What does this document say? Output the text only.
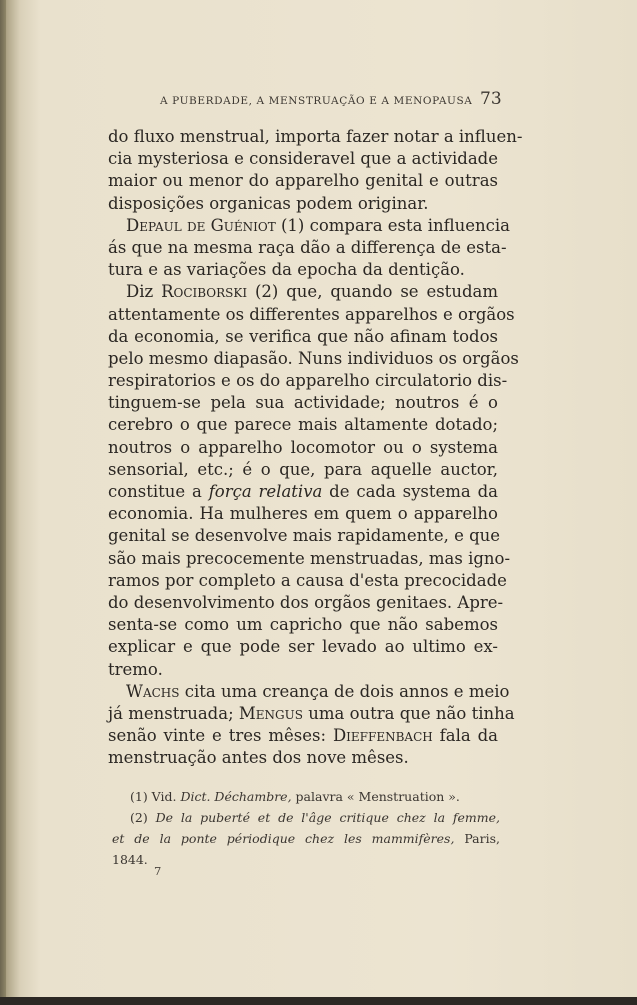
A PUBERDADE, A MENSTRUAÇÃO E A MENOPAUSA 73
do fluxo menstrual, importa fazer notar a influen-
cia mysteriosa e consideravel que a actividade
maior ou menor do apparelho genital e outras
disposições organicas podem originar.
Depaul de Guéniot (1) compara esta influencia
ás que na mesma raça dão a differença de esta-
tura e as variações da epocha da dentição.
Diz Rociborski (2) que, quando se estudam
attentamente os differentes apparelhos e orgãos
da economia, se verifica que não afinam todos
pelo mesmo diapasão. Nuns individuos os orgãos
respiratorios e os do apparelho circulatorio dis-
tinguem-se pela sua actividade; noutros é o
cerebro o que parece mais altamente dotado;
noutros o apparelho locomotor ou o systema
sensorial, etc.; é o que, para aquelle auctor,
constitue a força relativa de cada systema da
economia. Ha mulheres em quem o apparelho
genital se desenvolve mais rapidamente, e que
são mais precocemente menstruadas, mas igno-
ramos por completo a causa d'esta precocidade
do desenvolvimento dos orgãos genitaes. Apre-
senta-se como um capricho que não sabemos
explicar e que pode ser levado ao ultimo ex-
tremo.
Wachs cita uma creança de dois annos e meio
já menstruada; Mengus uma outra que não tinha
senão vinte e tres mêses: Dieffenbach fala da
menstruação antes dos nove mêses.
(1) Vid. Dict. Déchambre, palavra « Menstruation ».
(2) De la puberté et de l'âge critique chez la femme,
et de la ponte périodique chez les mammifères, Paris,
1844.
7
